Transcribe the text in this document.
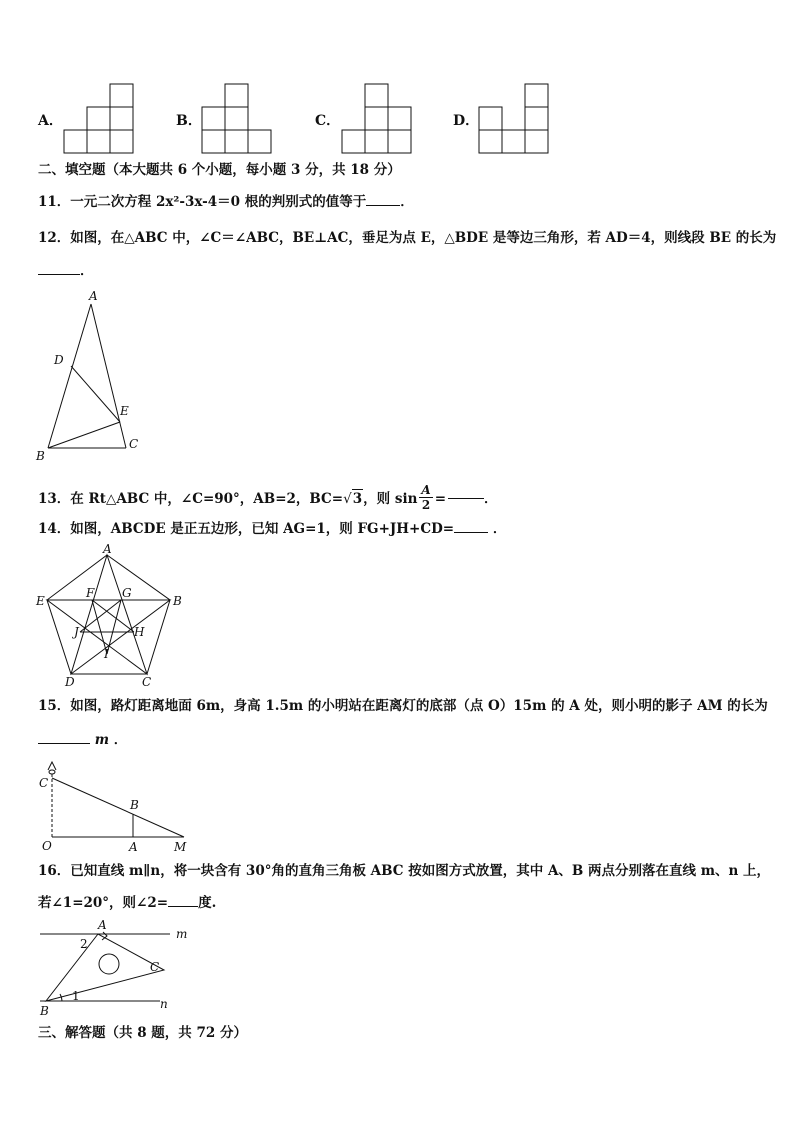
A．	B．	C．	D．
二、填空题（本大题共 6 个小题，每小题 3 分，共 18 分）
11．一元二次方程 2x²-3x-4＝0 根的判别式的值等于	．
12．如图，在△ABC 中，∠C＝∠ABC，BE⊥AC，垂足为点 E，△BDE 是等边三角形，若 AD＝4，则线段 BE 的长为
．
A
D
E
B
C
13．在 Rt△ABC 中，∠C=90°，AB=2，BC= √ 3 ，则 $\sin \frac{A}{2}$ =	．
14．如图，ABCDE 是正五边形，已知 AG=1，则 FG+JH+CD=	．
A
B
C
D
E
F G
H
I
J
15．如图，路灯距离地面 6m，身高 1.5m 的小明站在距离灯的底部（点 O）15m 的 A 处，则小明的影子 AM 的长为
m ．
C
B
O	A	M
16．已知直线 m∥n，将一块含有 30°角的直角三角板 ABC 按如图方式放置，其中 A、B 两点分别落在直线 m、n 上，
若∠1=20°，则∠2= 度.
A
m
2
C
B
1
n
三、解答题（共 8 题，共 72 分）
